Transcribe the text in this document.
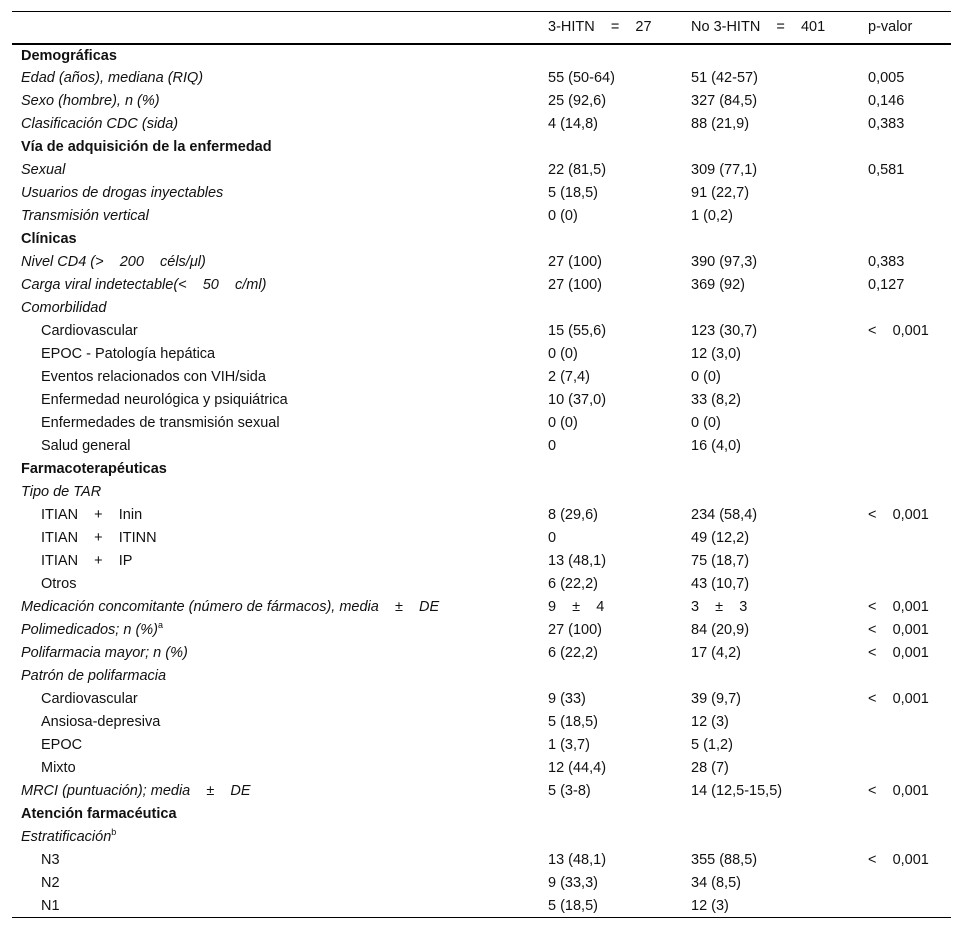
	3-HITN    =    27	No 3-HITN    =    401	p-valor
Demográficas			
Edad (años), mediana (RIQ)	55 (50-64)	51 (42-57)	0,005
Sexo (hombre), n (%)	25 (92,6)	327 (84,5)	0,146
Clasificación CDC (sida)	4 (14,8)	88 (21,9)	0,383
Vía de adquisición de la enfermedad			
Sexual	22 (81,5)	309 (77,1)	0,581
Usuarios de drogas inyectables	5 (18,5)	91 (22,7)	
Transmisión vertical	0 (0)	1 (0,2)	
Clínicas			
Nivel CD4 (>    200    céls/μl)	27 (100)	390 (97,3)	0,383
Carga viral indetectable(<    50    c/ml)	27 (100)	369 (92)	0,127
Comorbilidad			
Cardiovascular	15 (55,6)	123 (30,7)	<    0,001
EPOC - Patología hepática	0 (0)	12 (3,0)	
Eventos relacionados con VIH/sida	2 (7,4)	0 (0)	
Enfermedad neurológica y psiquiátrica	10 (37,0)	33 (8,2)	
Enfermedades de transmisión sexual	0 (0)	0 (0)	
Salud general	0	16 (4,0)	
Farmacoterapéuticas			
Tipo de TAR			
ITIAN    +    Inin	8 (29,6)	234 (58,4)	<    0,001
ITIAN    +    ITINN	0	49 (12,2)	
ITIAN    +    IP	13 (48,1)	75 (18,7)	
Otros	6 (22,2)	43 (10,7)	
Medicación concomitante (número de fármacos), media    ±    DE	9    ±    4	3    ±    3	<    0,001
Polimedicados; n (%)$^a$	27 (100)	84 (20,9)	<    0,001
Polifarmacia mayor; n (%)	6 (22,2)	17 (4,2)	<    0,001
Patrón de polifarmacia			
Cardiovascular	9 (33)	39 (9,7)	<    0,001
Ansiosa-depresiva	5 (18,5)	12 (3)	
EPOC	1 (3,7)	5 (1,2)	
Mixto	12 (44,4)	28 (7)	
MRCI (puntuación); media    ±    DE	5 (3-8)	14 (12,5-15,5)	<    0,001
Atención farmacéutica			
Estratificación$^b$			
N3	13 (48,1)	355 (88,5)	<    0,001
N2	9 (33,3)	34 (8,5)	
N1	5 (18,5)	12 (3)	
